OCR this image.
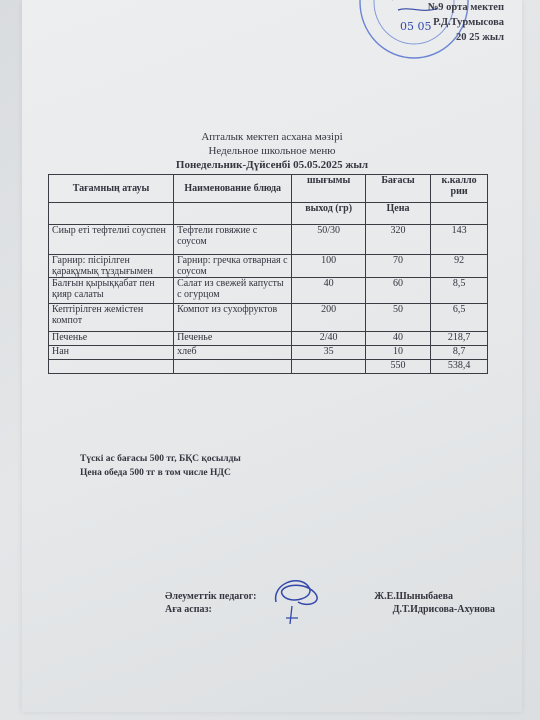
05 05
№9 орта мектеп
Р.Д.Турмысова
20 25 жыл
Апталык мектеп асхана мәзірі
Недельное школьное меню
Понедельник-Дүйсенбі 05.05.2025 жыл
Тағамның атауы	Наименование блюда	шығымы	Бағасы	к.калло рии
		выход (гр)	Цена	
Сиыр еті тефтелиі соуспен	Тефтели говяжие с соусом	50/30	320	143
Гарнир: пісірілген қарақұмық тұздығымен	Гарнир: гречка отварная с соусом	100	70	92
Балғын қырыққабат пен қияр салаты	Салат из свежей капусты с огурцом	40	60	8,5
Кептірілген жемістен компот	Компот из сухофруктов	200	50	6,5
Печенье	Печенье	2/40	40	218,7
Нан	хлеб	35	10	8,7
			550	538,4
Түскі ас бағасы 500 тг, БҚС қосылды
Цена обеда 500 тг в том числе НДС
Әлеуметтік педагог:	Ж.Е.Шыныбаева
Аға аспаз:	Д.Т.Идрисова-Ахунова
